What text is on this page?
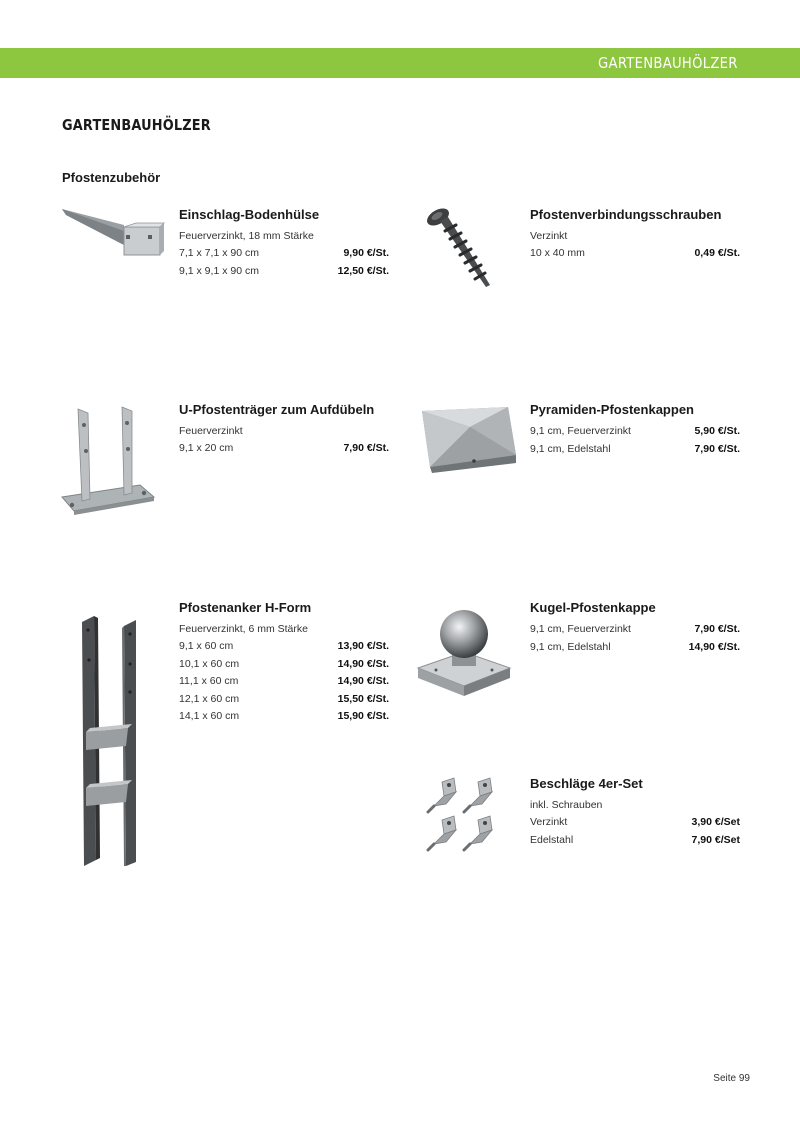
GARTENBAUHÖLZER
GARTENBAUHÖLZER
Pfostenzubehör
Einschlag-Bodenhülse
Feuerverzinkt, 18 mm Stärke
7,1 x 7,1 x 90 cm	9,90 €/St.
9,1 x 9,1 x 90 cm	12,50 €/St.
Pfostenverbindungsschrauben
Verzinkt
10 x 40 mm	0,49 €/St.
U-Pfostenträger zum Aufdübeln
Feuerverzinkt
9,1 x 20 cm	7,90 €/St.
Pyramiden-Pfostenkappen
9,1 cm, Feuerverzinkt	5,90 €/St.
9,1 cm, Edelstahl	7,90 €/St.
Pfostenanker H-Form
Feuerverzinkt, 6 mm Stärke
9,1 x 60 cm	13,90 €/St.
10,1 x 60 cm	14,90 €/St.
11,1 x 60 cm	14,90 €/St.
12,1 x 60 cm	15,50 €/St.
14,1 x 60 cm	15,90 €/St.
Kugel-Pfostenkappe
9,1 cm, Feuerverzinkt	7,90 €/St.
9,1 cm, Edelstahl	14,90 €/St.
Beschläge 4er-Set
inkl. Schrauben
Verzinkt	3,90 €/Set
Edelstahl	7,90 €/Set
Seite 99
